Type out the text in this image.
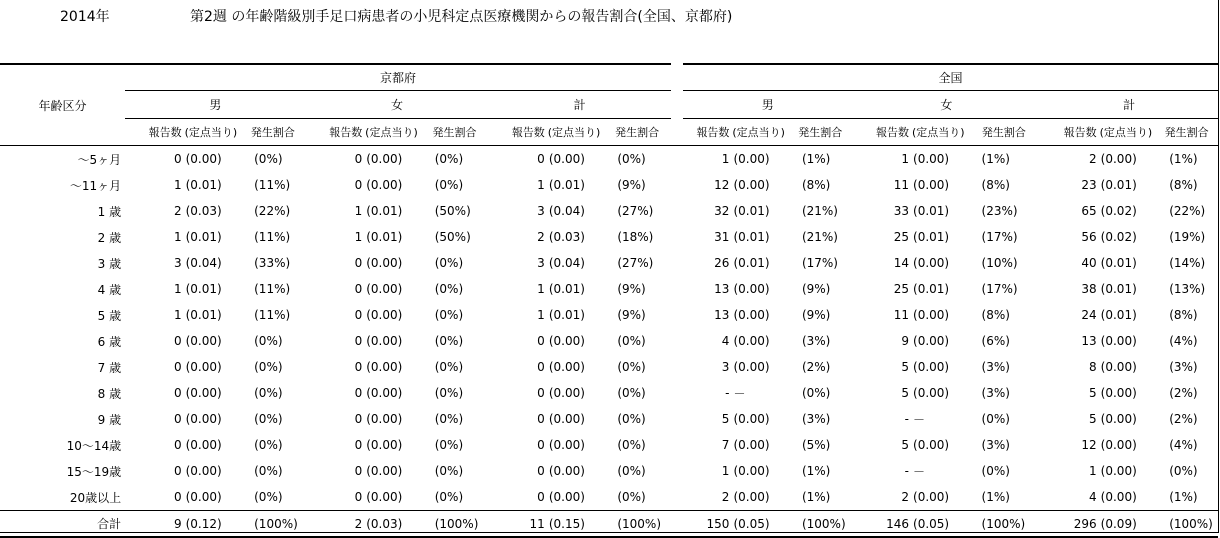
2014年	第2週 の年齢階級別手足口病患者の小児科定点医療機関からの報告割合(全国、京都府)
年齢区分	京都府										全国								
	男			女			計				男			女			計		
	報告数	(定点当り)	発生割合	報告数	(定点当り)	発生割合	報告数	(定点当り)	発生割合		報告数	(定点当り)	発生割合	報告数	(定点当り)	発生割合	報告数	(定点当り)	発生割合
～5ヶ月	0	(0.00)	(0%)	0	(0.00)	(0%)	0	(0.00)	(0%)		1	(0.00)	(1%)	1	(0.00)	(1%)	2	(0.00)	(1%)
～11ヶ月	1	(0.01)	(11%)	0	(0.00)	(0%)	1	(0.01)	(9%)		12	(0.00)	(8%)	11	(0.00)	(8%)	23	(0.01)	(8%)
1 歳	2	(0.03)	(22%)	1	(0.01)	(50%)	3	(0.04)	(27%)		32	(0.01)	(21%)	33	(0.01)	(23%)	65	(0.02)	(22%)
2 歳	1	(0.01)	(11%)	1	(0.01)	(50%)	2	(0.03)	(18%)		31	(0.01)	(21%)	25	(0.01)	(17%)	56	(0.02)	(19%)
3 歳	3	(0.04)	(33%)	0	(0.00)	(0%)	3	(0.04)	(27%)		26	(0.01)	(17%)	14	(0.00)	(10%)	40	(0.01)	(14%)
4 歳	1	(0.01)	(11%)	0	(0.00)	(0%)	1	(0.01)	(9%)		13	(0.00)	(9%)	25	(0.01)	(17%)	38	(0.01)	(13%)
5 歳	1	(0.01)	(11%)	0	(0.00)	(0%)	1	(0.01)	(9%)		13	(0.00)	(9%)	11	(0.00)	(8%)	24	(0.01)	(8%)
6 歳	0	(0.00)	(0%)	0	(0.00)	(0%)	0	(0.00)	(0%)		4	(0.00)	(3%)	9	(0.00)	(6%)	13	(0.00)	(4%)
7 歳	0	(0.00)	(0%)	0	(0.00)	(0%)	0	(0.00)	(0%)		3	(0.00)	(2%)	5	(0.00)	(3%)	8	(0.00)	(3%)
8 歳	0	(0.00)	(0%)	0	(0.00)	(0%)	0	(0.00)	(0%)		-	－	(0%)	5	(0.00)	(3%)	5	(0.00)	(2%)
9 歳	0	(0.00)	(0%)	0	(0.00)	(0%)	0	(0.00)	(0%)		5	(0.00)	(3%)	-	－	(0%)	5	(0.00)	(2%)
10～14歳	0	(0.00)	(0%)	0	(0.00)	(0%)	0	(0.00)	(0%)		7	(0.00)	(5%)	5	(0.00)	(3%)	12	(0.00)	(4%)
15～19歳	0	(0.00)	(0%)	0	(0.00)	(0%)	0	(0.00)	(0%)		1	(0.00)	(1%)	-	－	(0%)	1	(0.00)	(0%)
20歳以上	0	(0.00)	(0%)	0	(0.00)	(0%)	0	(0.00)	(0%)		2	(0.00)	(1%)	2	(0.00)	(1%)	4	(0.00)	(1%)
合計	9	(0.12)	(100%)	2	(0.03)	(100%)	11	(0.15)	(100%)		150	(0.05)	(100%)	146	(0.05)	(100%)	296	(0.09)	(100%)
